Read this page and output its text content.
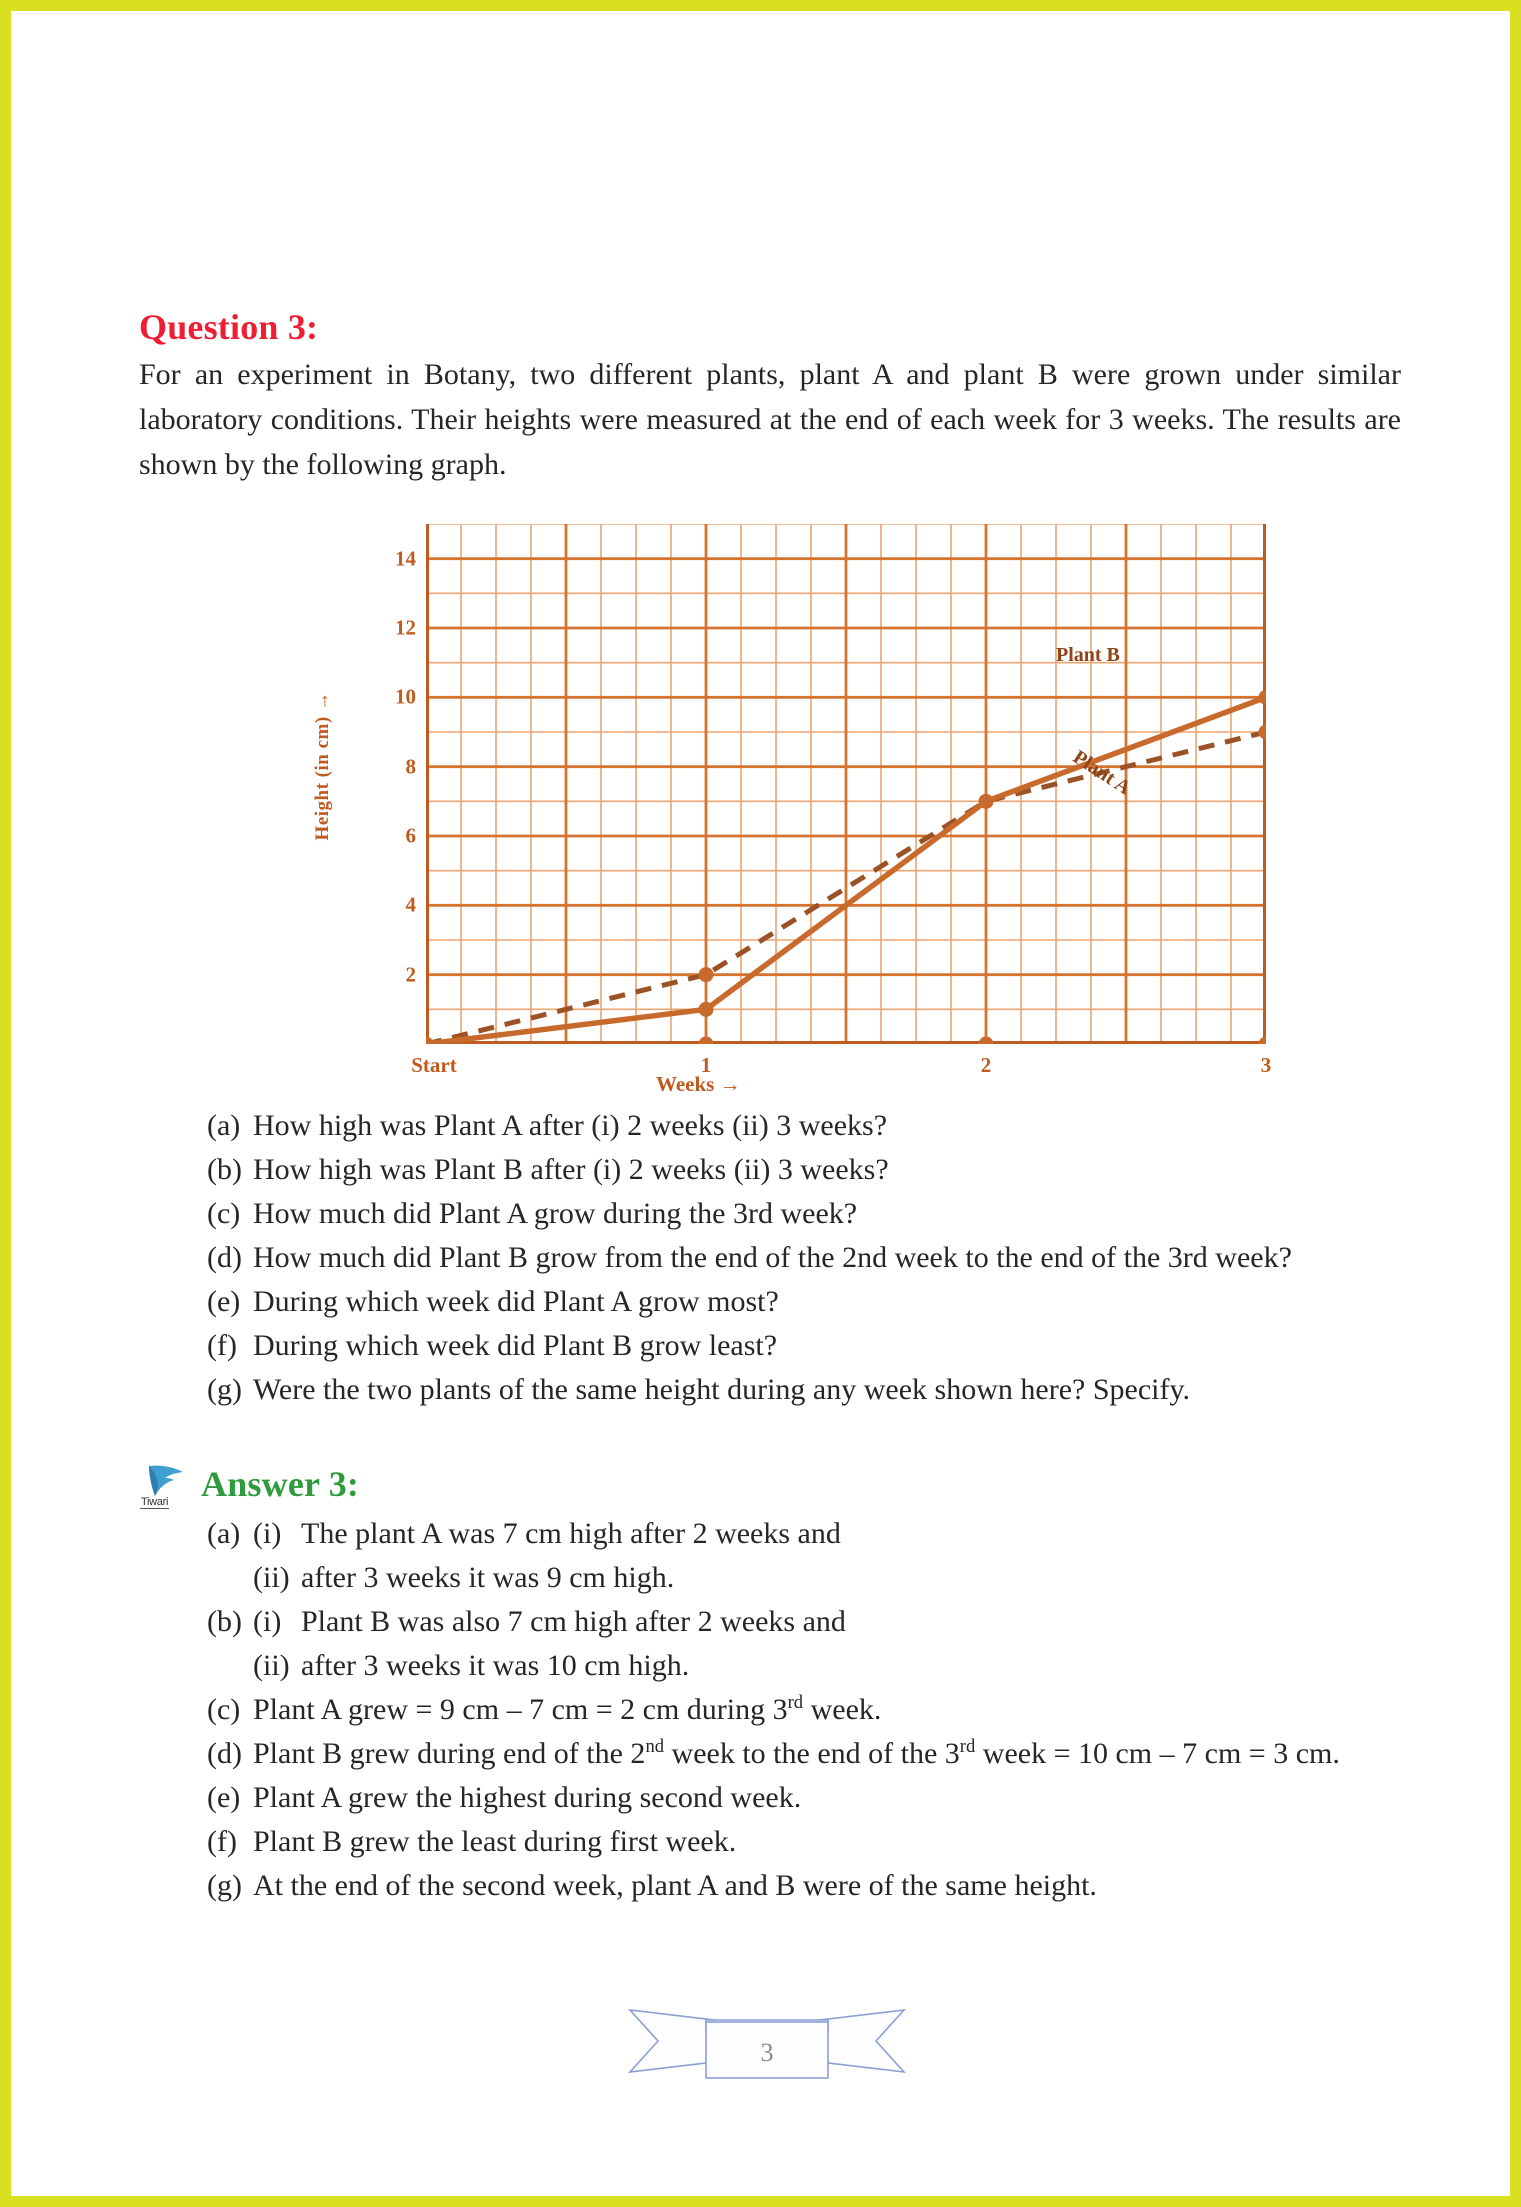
Question 3:
For an experiment in Botany, two different plants, plant A and plant B were grown under similar laboratory conditions. Their heights were measured at the end of each week for 3 weeks. The results are shown by the following graph.
Height (in cm) →
Weeks →
2
4
6
8
10
12
14
Start	1	2	3
Plant B
Plant A
(a) How high was Plant A after (i) 2 weeks (ii) 3 weeks?
(b) How high was Plant B after (i) 2 weeks (ii) 3 weeks?
(c) How much did Plant A grow during the 3rd week?
(d) How much did Plant B grow from the end of the 2nd week to the end of the 3rd week?
(e) During which week did Plant A grow most?
(f) During which week did Plant B grow least?
(g) Were the two plants of the same height during any week shown here? Specify.
Tiwari Answer 3:
(a) (i) The plant A was 7 cm high after 2 weeks and
(ii) after 3 weeks it was 9 cm high.
(b) (i) Plant B was also 7 cm high after 2 weeks and
(ii) after 3 weeks it was 10 cm high.
(c) Plant A grew = 9 cm – 7 cm = 2 cm during 3rd week.
(d) Plant B grew during end of the 2nd week to the end of the 3rd week = 10 cm – 7 cm = 3 cm.
(e) Plant A grew the highest during second week.
(f) Plant B grew the least during first week.
(g) At the end of the second week, plant A and B were of the same height.
3
